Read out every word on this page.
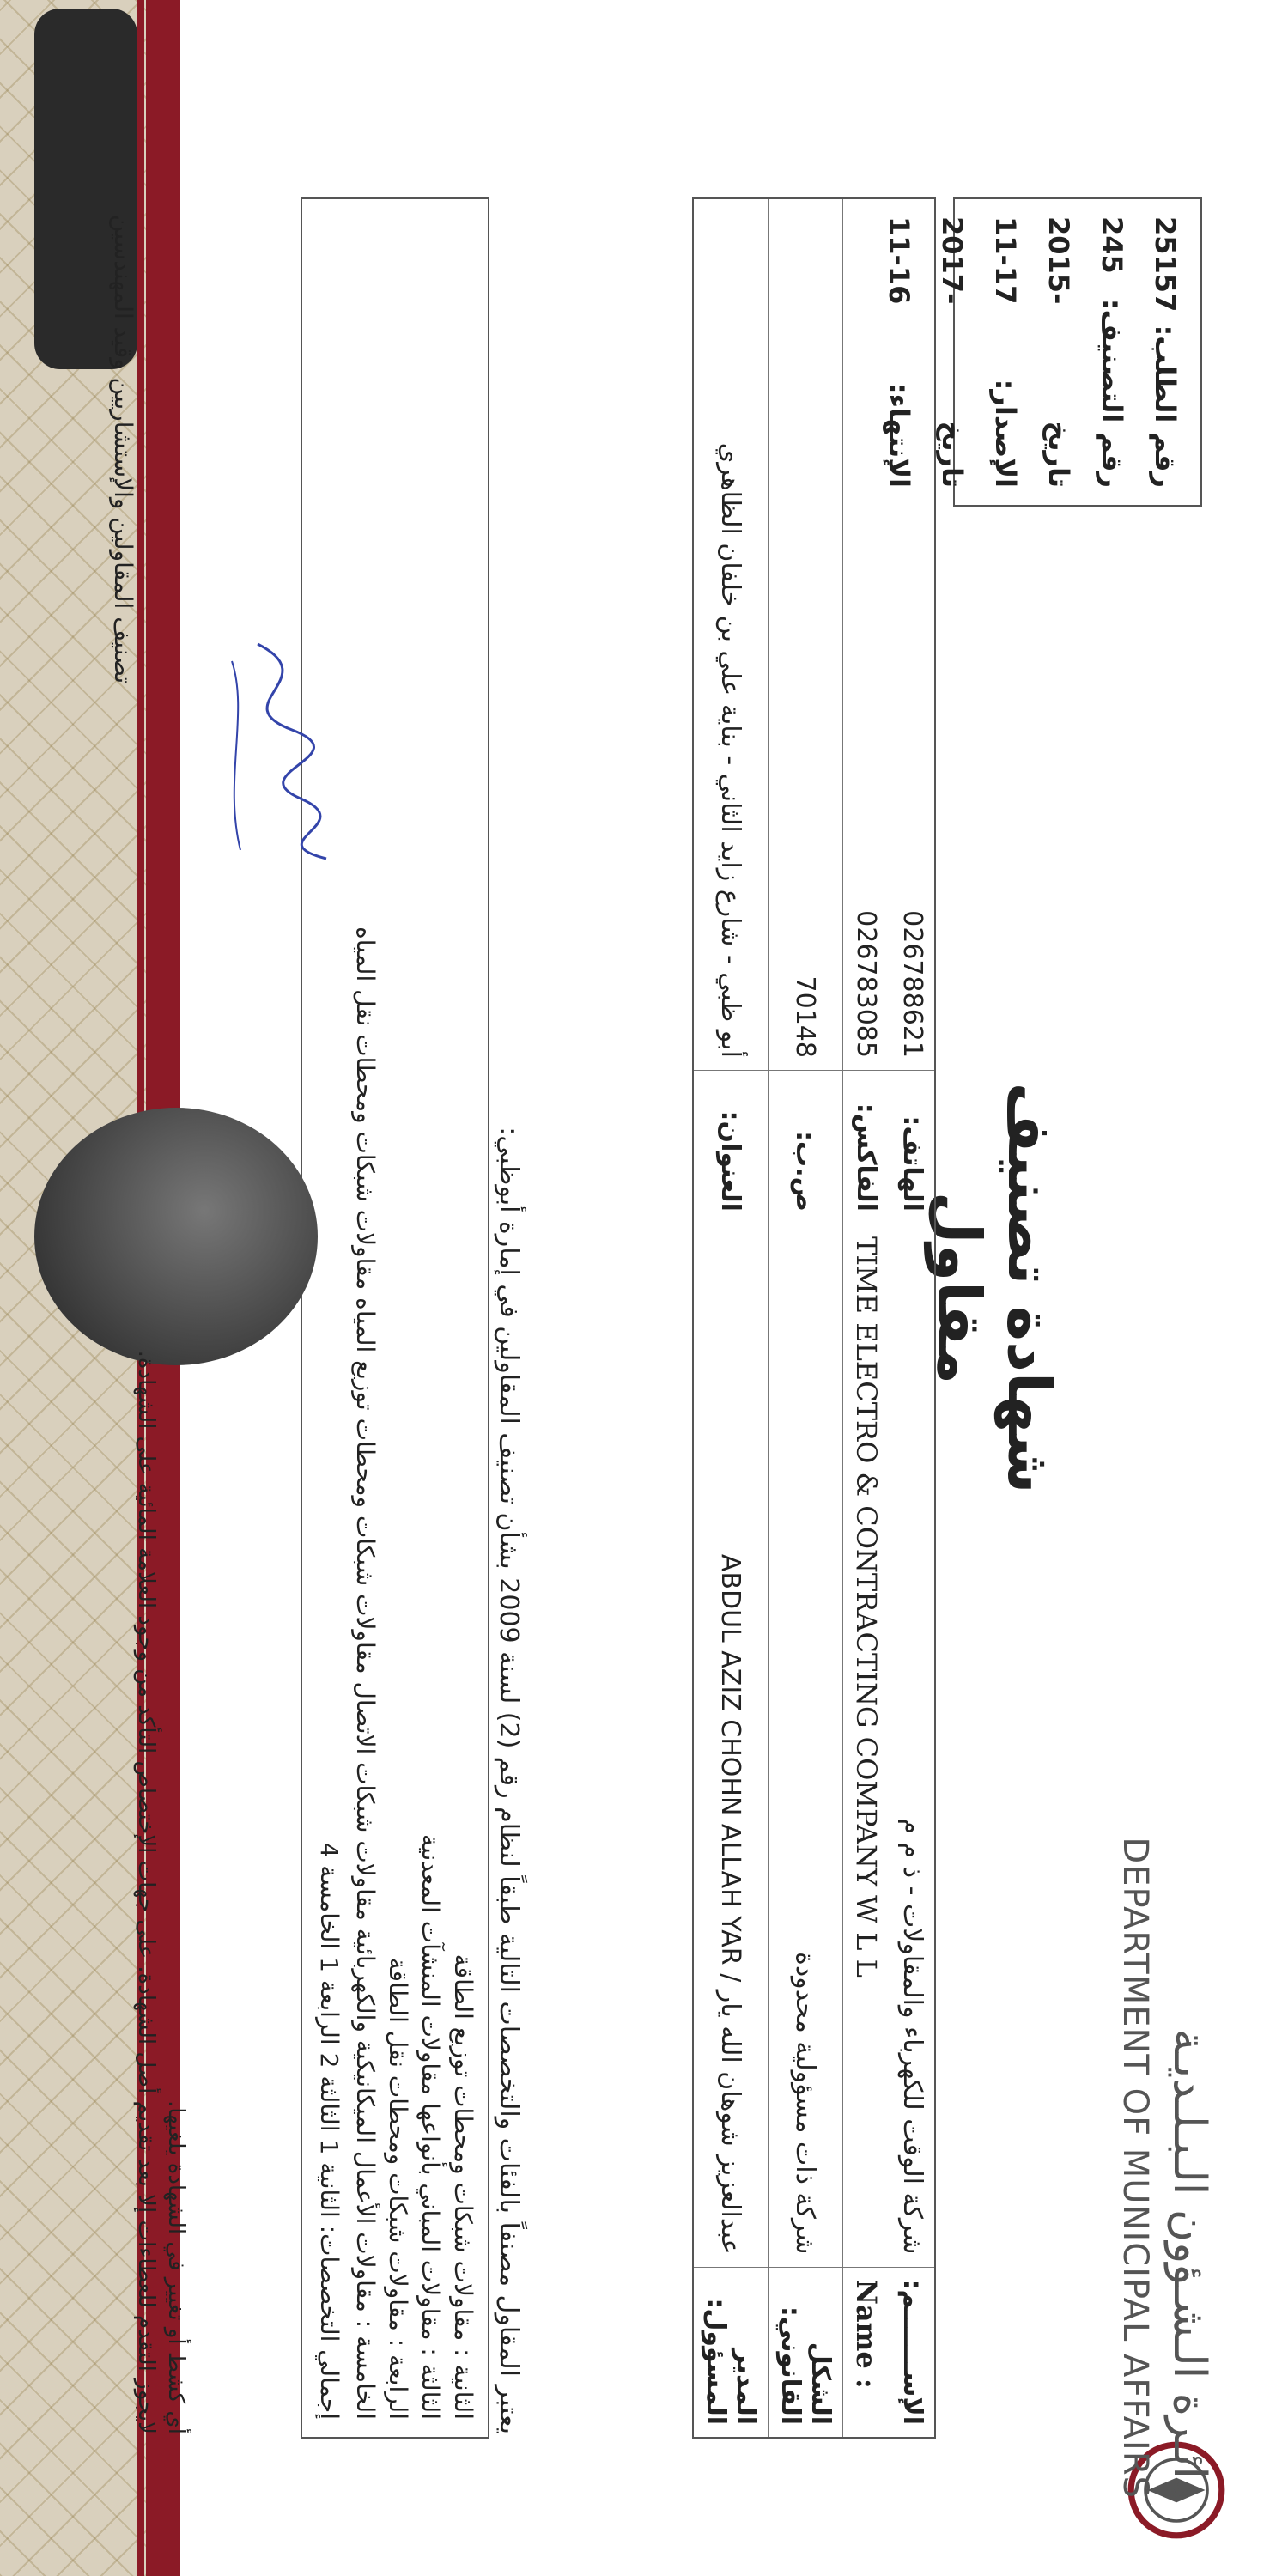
دائـرة الـشـؤون الـبـلـديـة
DEPARTMENT OF MUNICIPAL AFFAIRS
شهادة تصنيف مقاول
رقم الطلب:
25157
رقم التصنيف:
245
تاريخ الإصدار:
2015-11-17
تاريخ الإنتهاء:
2017-11-16
الإســـــــم:	شركة الوقت للكهرباء والمقاولات - ذ م م	الهاتف:	026788621
Name :	TIME ELECTRO & CONTRACTING COMPANY W L L	الفاكس:	026783085
الشكل القانوني:	شركة ذات مسؤولية محدودة	ص.ب:	70148
المدير المسؤول:	عبدالعزيز شوهان الله يار / ABDUL AZIZ CHOHN ALLAH YAR	العنوان:	أبو ظبي - شارع زايد الثاني - بناية علي بن خلفان الظاهري
يعتبر المقاول مصنفاً بالفئات والتخصصات التالية طبقاً لنظام رقم (2) لسنة 2009 بشأن تصنيف المقاولين في إمارة أبوظبي:
الثانية : مقاولات شبكات ومحطات توزيع الطاقة
الثالثة : مقاولات المباني بأنواعها مقاولات المنشآت المعدنية
الرابعة : مقاولات شبكات ومحطات نقل الطاقة
الخامسة : مقاولات الأعمال الميكانيكية والكهربائية مقاولات شبكات الاتصال مقاولات شبكات ومحطات توزيع المياه مقاولات شبكات ومحطات نقل المياه
إجمالي التخصصات: الثانية 1 الثالثة 2 الرابعة 1 الخامسة 4
أي كشط أو تغيير في الشهادة يلغيها.
لايجوز التقدم للعطاءات إلا بعد تقديم أصل الشهادة. على جهات الإختصاص التأكد من وجود العلامة المائية على الشهادة.
تصنيف المقاولين والإستشاريين وقيد المهندسين
